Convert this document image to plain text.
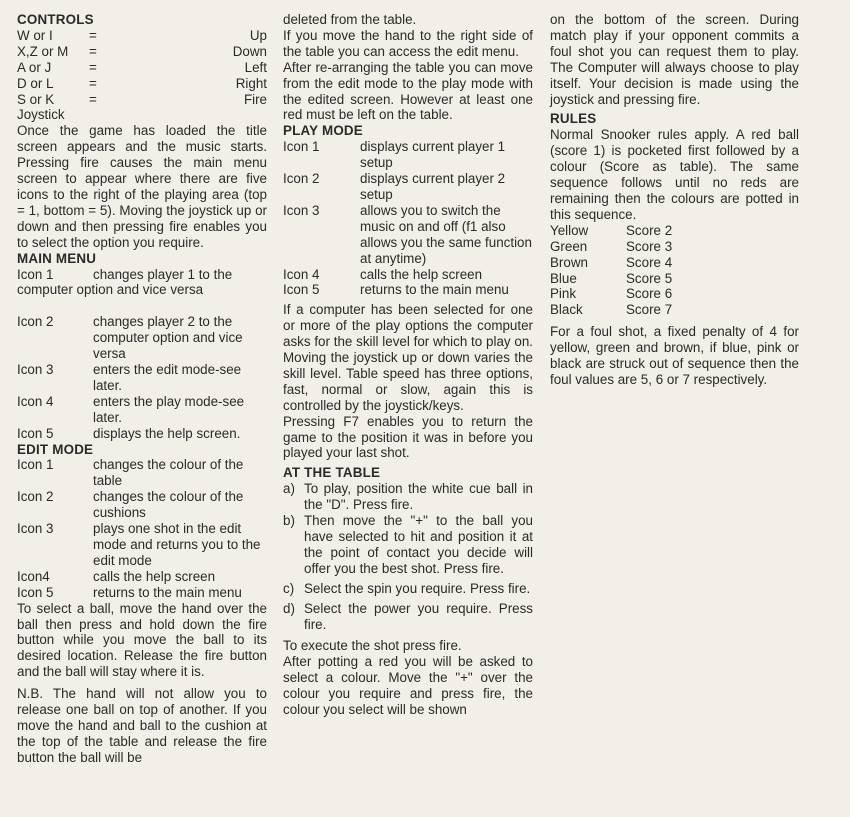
CONTROLS
W or I	=	Up
X,Z or M	=	Down
A or J	=	Left
D or L	=	Right
S or K	=	Fire
Joystick
Once the game has loaded the title screen appears and the music starts. Pressing fire causes the main menu screen to appear where there are five icons to the right of the playing area (top = 1, bottom = 5). Moving the joystick up or down and then pressing fire enables you to select the option you require.
MAIN MENU
Icon 1	changes player 1 to the
computer option and vice versa
Icon 2	changes player 2 to the computer option and vice versa
Icon 3	enters the edit mode-see later.
Icon 4	enters the play mode-see later.
Icon 5	displays the help screen.
EDIT MODE
Icon 1	changes the colour of the table
Icon 2	changes the colour of the cushions
Icon 3	plays one shot in the edit mode and returns you to the edit mode
Icon4	calls the help screen
Icon 5	returns to the main menu
To select a ball, move the hand over the ball then press and hold down the fire button while you move the ball to its desired location. Release the fire button and the ball will stay where it is.
N.B. The hand will not allow you to release one ball on top of another. If you move the hand and ball to the cushion at the top of the table and release the fire button the ball will be
deleted from the table.
If you move the hand to the right side of the table you can access the edit menu.
After re-arranging the table you can move from the edit mode to the play mode with the edited screen. However at least one red must be left on the table.
PLAY MODE
Icon 1	displays current player 1 setup
Icon 2	displays current player 2 setup
Icon 3	allows you to switch the music on and off (f1 also allows you the same function at anytime)
Icon 4	calls the help screen
Icon 5	returns to the main menu
If a computer has been selected for one or more of the play options the computer asks for the skill level for which to play on. Moving the joystick up or down varies the skill level. Table speed has three options, fast, normal or slow, again this is controlled by the joystick/keys.
Pressing F7 enables you to return the game to the position it was in before you played your last shot.
AT THE TABLE
a) To play, position the white cue ball in the "D". Press fire.
b) Then move the "+" to the ball you have selected to hit and position it at the point of contact you decide will offer you the best shot. Press fire.
c) Select the spin you require. Press fire.
d) Select the power you require. Press fire.
To execute the shot press fire.
After potting a red you will be asked to select a colour. Move the "+" over the colour you require and press fire, the colour you select will be shown
on the bottom of the screen. During match play if your opponent commits a foul shot you can request them to play. The Computer will always choose to play itself. Your decision is made using the joystick and pressing fire.
RULES
Normal Snooker rules apply. A red ball (score 1) is pocketed first followed by a colour (Score as table). The same sequence follows until no reds are remaining then the colours are potted in this sequence.
Yellow	Score 2
Green	Score 3
Brown	Score 4
Blue	Score 5
Pink	Score 6
Black	Score 7
For a foul shot, a fixed penalty of 4 for yellow, green and brown, if blue, pink or black are struck out of sequence then the foul values are 5, 6 or 7 respectively.
